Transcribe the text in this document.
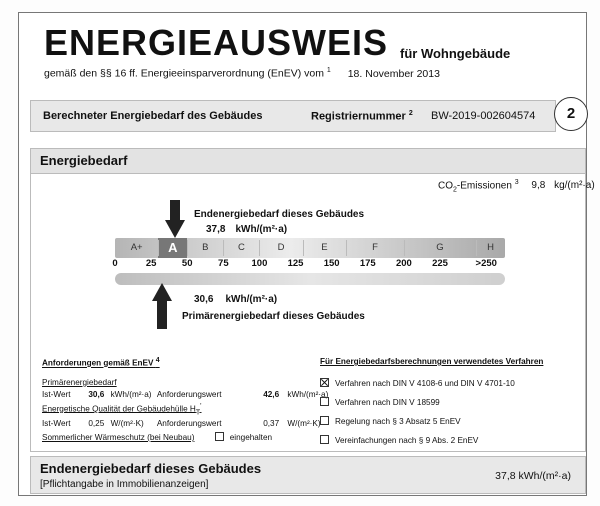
ENERGIEAUSWEIS für Wohngebäude
gemäß den §§ 16 ff. Energieeinsparverordnung (EnEV) vom $^1$ 18. November 2013
Berechneter Energiebedarf des Gebäudes	Registriernummer $^2$ BW-2019-002604574	2
Energiebedarf
$CO_2$-Emissionen $^3$ 9,8 kg/(m²·a)
Endenergiebedarf dieses Gebäudes
37,8 kWh/(m²·a)
A+	A	B	C	D	E	F	G	H
0	25	50	75 100 125 150 175 200 225	>250
30,6 kWh/(m²·a)
Primärenergiebedarf dieses Gebäudes
Anforderungen gemäß EnEV $^4$
Primärenergiebedarf
Ist-Wert 30,6 kWh/(m²·a) Anforderungswert	42,6 kWh/(m²·a)
Energetische Qualität der Gebäudehülle $H_T'$
Ist-Wert 0,25 W/(m²·K) Anforderungswert	0,37 W/(m²·K)
Sommerlicher Wärmeschutz (bei Neubau)	eingehalten
Für Energiebedarfsberechnungen verwendetes Verfahren
Verfahren nach DIN V 4108-6 und DIN V 4701-10
Verfahren nach DIN V 18599
Regelung nach § 3 Absatz 5 EnEV
Vereinfachungen nach § 9 Abs. 2 EnEV
Endenergiebedarf dieses Gebäudes
[Pflichtangabe in Immobilienanzeigen]
37,8 kWh/(m²·a)
